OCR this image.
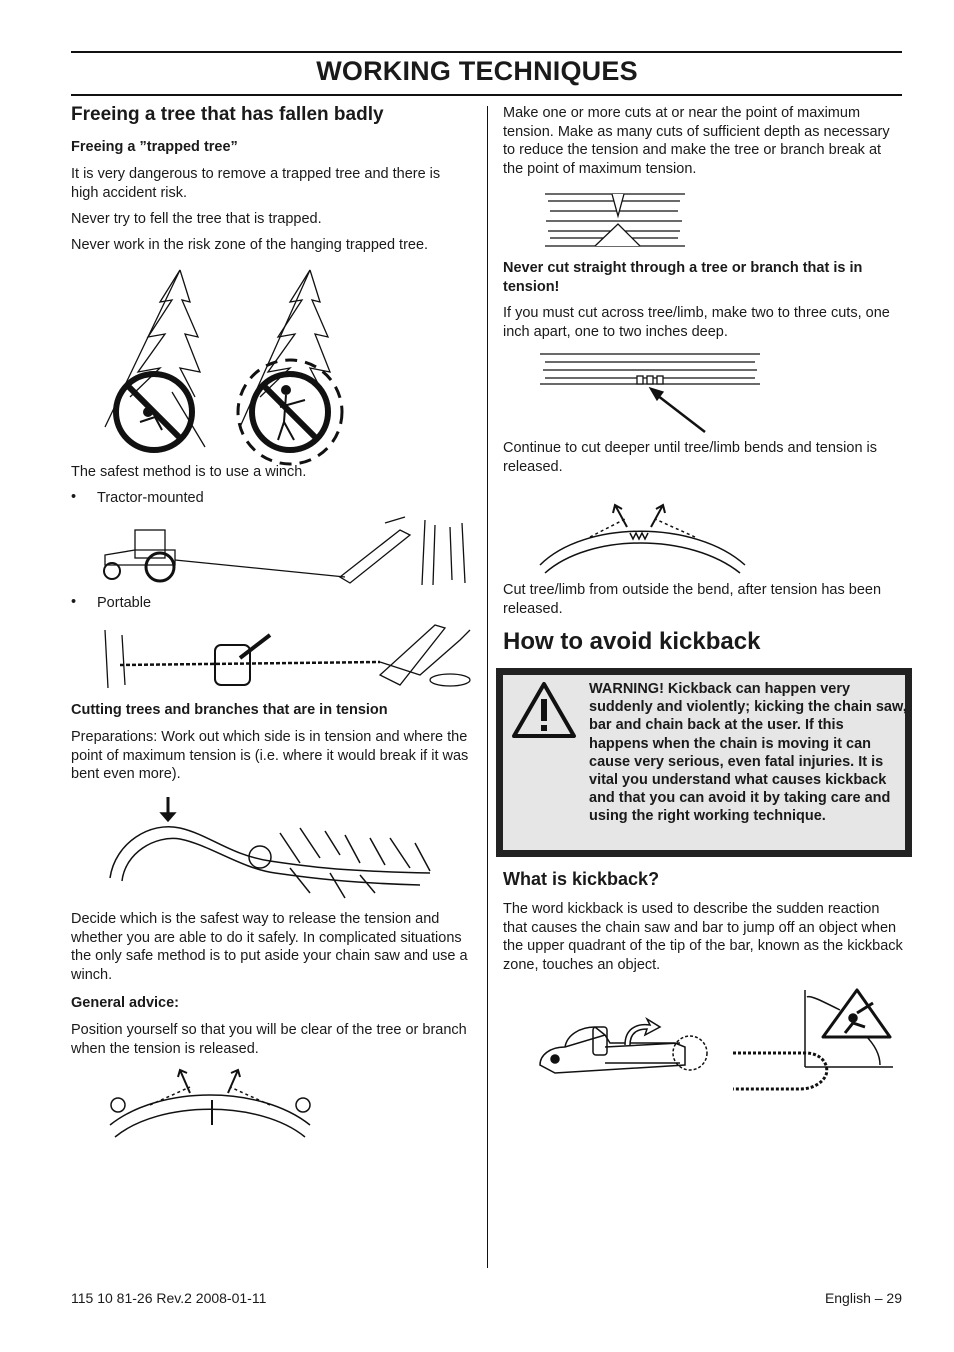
WORKING TECHNIQUES
Freeing a tree that has fallen badly
Freeing a ”trapped tree”
It is very dangerous to remove a trapped tree and there is high accident risk.
Never try to fell the tree that is trapped.
Never work in the risk zone of the hanging trapped tree.
The safest method is to use a winch.
• Tractor-mounted
• Portable
Cutting trees and branches that are in tension
Preparations: Work out which side is in tension and where the point of maximum tension is (i.e. where it would break if it was bent even more).
Decide which is the safest way to release the tension and whether you are able to do it safely. In complicated situations the only safe method is to put aside your chain saw and use a winch.
General advice:
Position yourself so that you will be clear of the tree or branch when the tension is released.
Make one or more cuts at or near the point of maximum tension. Make as many cuts of sufficient depth as necessary to reduce the tension and make the tree or branch break at the point of maximum tension.
Never cut straight through a tree or branch that is in tension!
If you must cut across tree/limb, make two to three cuts, one inch apart, one to two inches deep.
Continue to cut deeper until tree/limb bends and tension is released.
Cut tree/limb from outside the bend, after tension has been released.
How to avoid kickback
WARNING! Kickback can happen very suddenly and violently; kicking the chain saw, bar and chain back at the user. If this happens when the chain is moving it can cause very serious, even fatal injuries. It is vital you understand what causes kickback and that you can avoid it by taking care and using the right working technique.
What is kickback?
The word kickback is used to describe the sudden reaction that causes the chain saw and bar to jump off an object when the upper quadrant of the tip of the bar, known as the kickback zone, touches an object.
115 10 81-26 Rev.2 2008-01-11	English – 29
